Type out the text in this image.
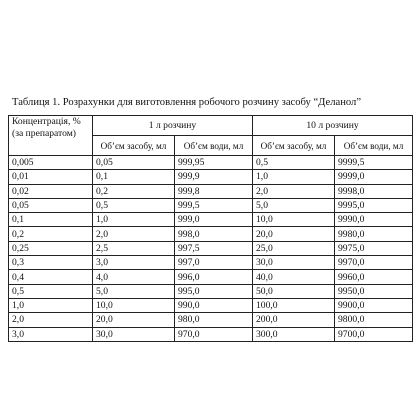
Таблиця 1. Розрахунки для виготовлення робочого розчину засобу “Деланол”
Концентрація, %
(за препаратом)	1 л розчину		10 л розчину	
	Об’єм засобу, мл	Об’єм води, мл	Об’єм засобу, мл	Об’єм води, мл
0,005	0,05	999,95	0,5	9999,5
0,01	0,1	999,9	1,0	9999,0
0,02	0,2	999,8	2,0	9998,0
0,05	0,5	999,5	5,0	9995,0
0,1	1,0	999,0	10,0	9990,0
0,2	2,0	998,0	20,0	9980,0
0,25	2,5	997,5	25,0	9975,0
0,3	3,0	997,0	30,0	9970,0
0,4	4,0	996,0	40,0	9960,0
0,5	5,0	995,0	50,0	9950,0
1,0	10,0	990,0	100,0	9900,0
2,0	20,0	980,0	200,0	9800,0
3,0	30,0	970,0	300,0	9700,0
